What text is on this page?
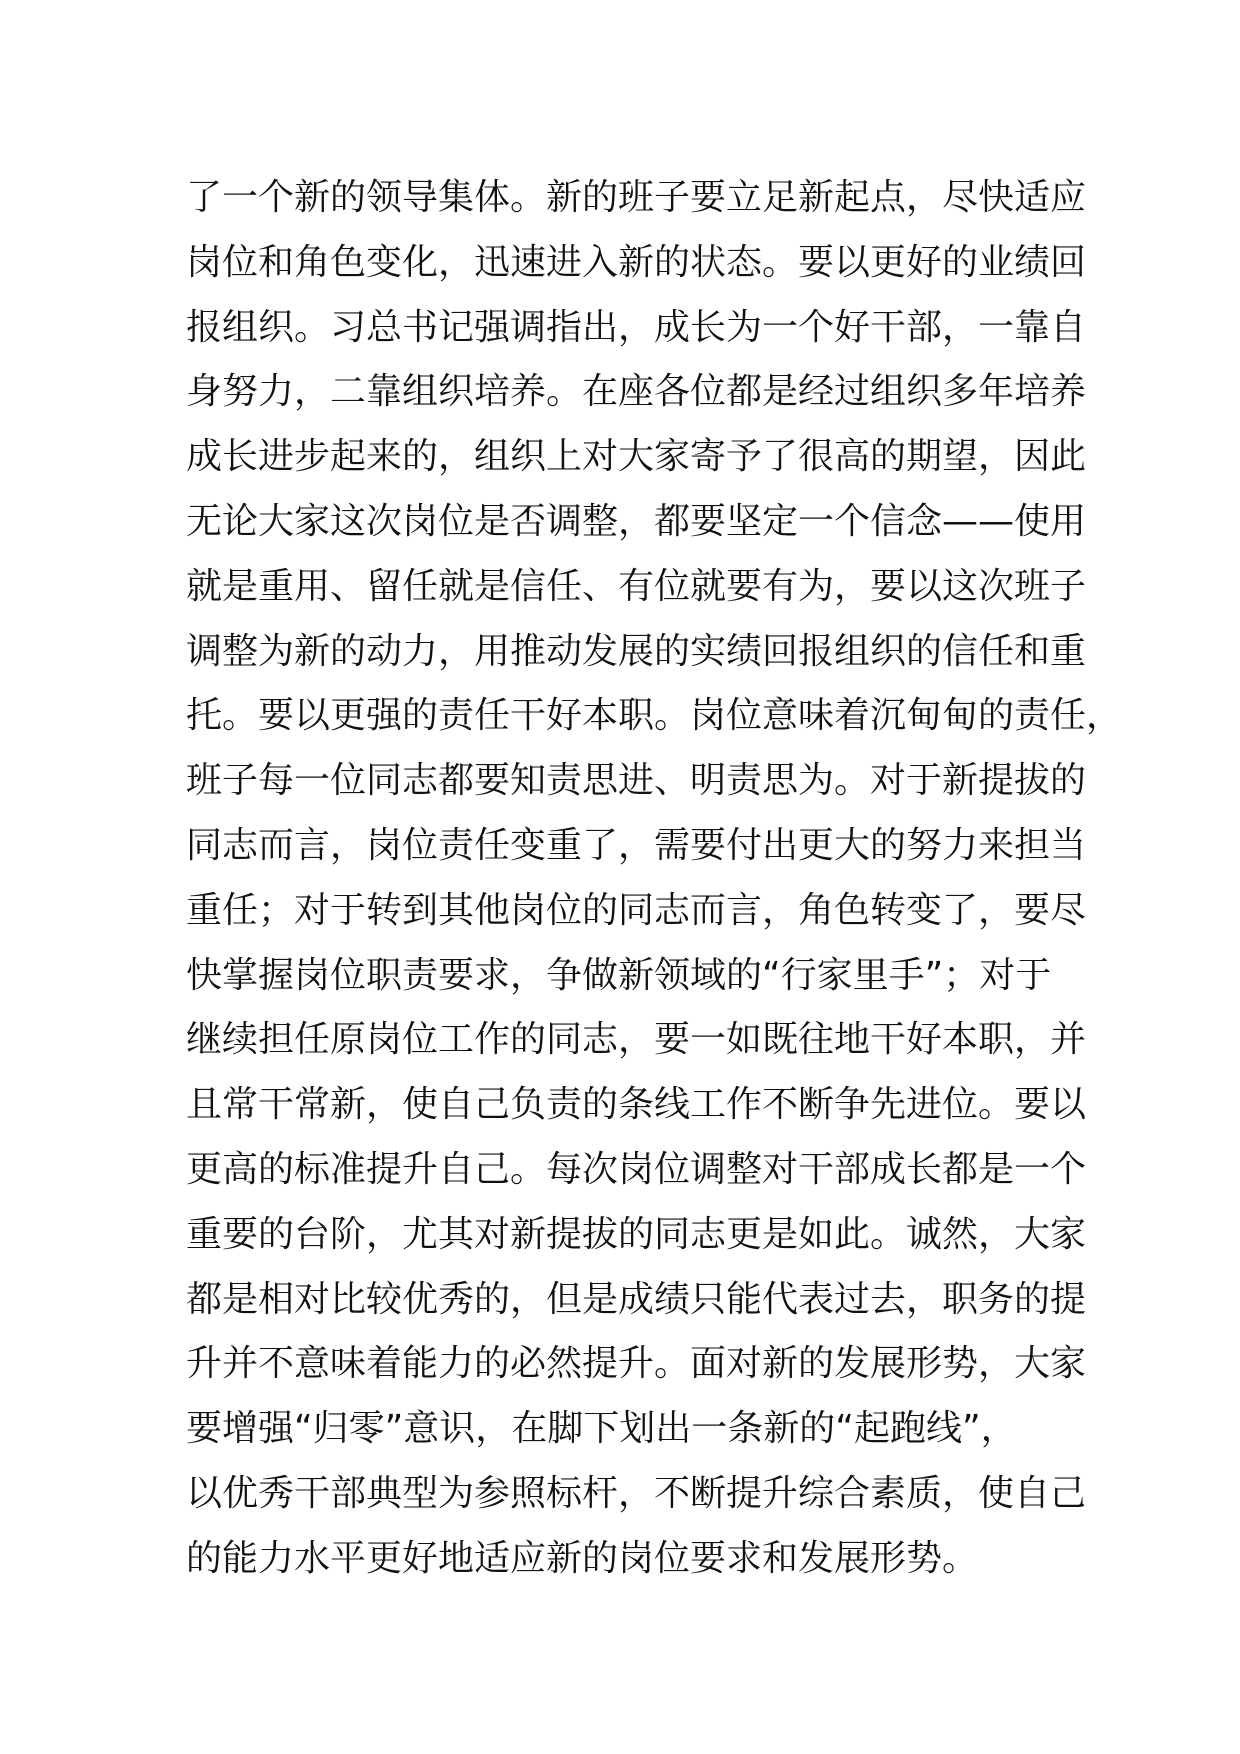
了一个新的领导集体。新的班子要立足新起点，尽快适应
岗位和角色变化，迅速进入新的状态。要以更好的业绩回
报组织。习总书记强调指出，成长为一个好干部，一靠自
身努力，二靠组织培养。在座各位都是经过组织多年培养
成长进步起来的，组织上对大家寄予了很高的期望，因此
无论大家这次岗位是否调整，都要坚定一个信念——使用
就是重用、留任就是信任、有位就要有为，要以这次班子
调整为新的动力，用推动发展的实绩回报组织的信任和重
托。要以更强的责任干好本职。岗位意味着沉甸甸的责任，
班子每一位同志都要知责思进、明责思为。对于新提拔的
同志而言，岗位责任变重了，需要付出更大的努力来担当
重任；对于转到其他岗位的同志而言，角色转变了，要尽
快掌握岗位职责要求，争做新领域的“行家里手”；对于
继续担任原岗位工作的同志，要一如既往地干好本职，并
且常干常新，使自己负责的条线工作不断争先进位。要以
更高的标准提升自己。每次岗位调整对干部成长都是一个
重要的台阶，尤其对新提拔的同志更是如此。诚然，大家
都是相对比较优秀的，但是成绩只能代表过去，职务的提
升并不意味着能力的必然提升。面对新的发展形势，大家
要增强“归零”意识，在脚下划出一条新的“起跑线”，
以优秀干部典型为参照标杆，不断提升综合素质，使自己
的能力水平更好地适应新的岗位要求和发展形势。
